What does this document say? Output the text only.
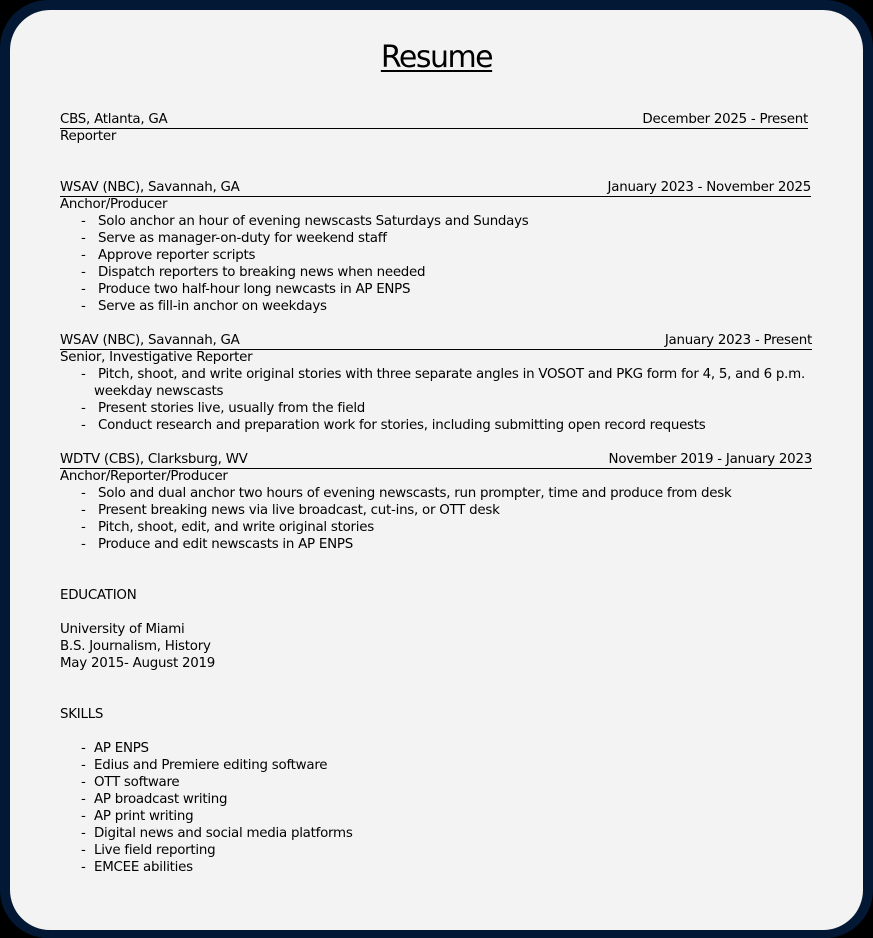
Resume
CBS, Atlanta, GA	December 2025 - Present
Reporter
WSAV (NBC), Savannah, GA	January 2023 - November 2025
Anchor/Producer
- Solo anchor an hour of evening newscasts Saturdays and Sundays
- Serve as manager-on-duty for weekend staff
- Approve reporter scripts
- Dispatch reporters to breaking news when needed
- Produce two half-hour long newcasts in AP ENPS
- Serve as fill-in anchor on weekdays
WSAV (NBC), Savannah, GA	January 2023 - Present
Senior, Investigative Reporter
- Pitch, shoot, and write original stories with three separate angles in VOSOT and PKG form for 4, 5, and 6 p.m.
weekday newscasts
- Present stories live, usually from the field
- Conduct research and preparation work for stories, including submitting open record requests
WDTV (CBS), Clarksburg, WV	November 2019 - January 2023
Anchor/Reporter/Producer
- Solo and dual anchor two hours of evening newscasts, run prompter, time and produce from desk
- Present breaking news via live broadcast, cut-ins, or OTT desk
- Pitch, shoot, edit, and write original stories
- Produce and edit newscasts in AP ENPS
EDUCATION
University of Miami
B.S. Journalism, History
May 2015- August 2019
SKILLS
- AP ENPS
- Edius and Premiere editing software
- OTT software
- AP broadcast writing
- AP print writing
- Digital news and social media platforms
- Live field reporting
- EMCEE abilities
